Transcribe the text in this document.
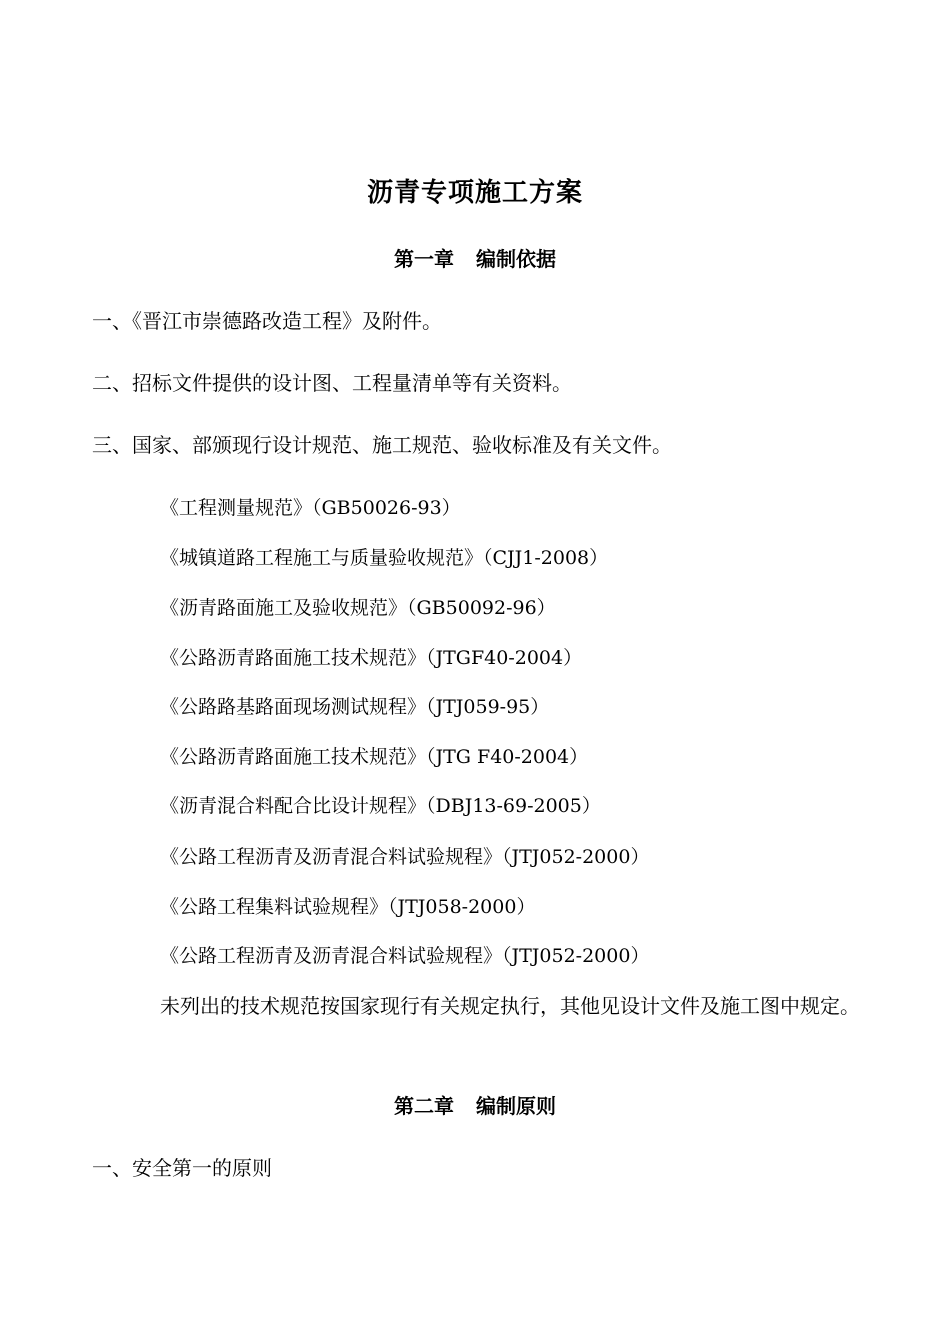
沥青专项施工方案
第一章 编制依据
一、《晋江市崇德路改造工程》及附件。
二、招标文件提供的设计图、工程量清单等有关资料。
三、国家、部颁现行设计规范、施工规范、验收标准及有关文件。
《工程测量规范》（GB50026-93）
《城镇道路工程施工与质量验收规范》（CJJ1-2008）
《沥青路面施工及验收规范》（GB50092-96）
《公路沥青路面施工技术规范》（JTGF40-2004）
《公路路基路面现场测试规程》（JTJ059-95）
《公路沥青路面施工技术规范》（JTG F40-2004）
《沥青混合料配合比设计规程》（DBJ13-69-2005）
《公路工程沥青及沥青混合料试验规程》（JTJ052-2000）
《公路工程集料试验规程》（JTJ058-2000）
《公路工程沥青及沥青混合料试验规程》（JTJ052-2000）
未列出的技术规范按国家现行有关规定执行，其他见设计文件及施工图中规定。
第二章 编制原则
一、安全第一的原则
